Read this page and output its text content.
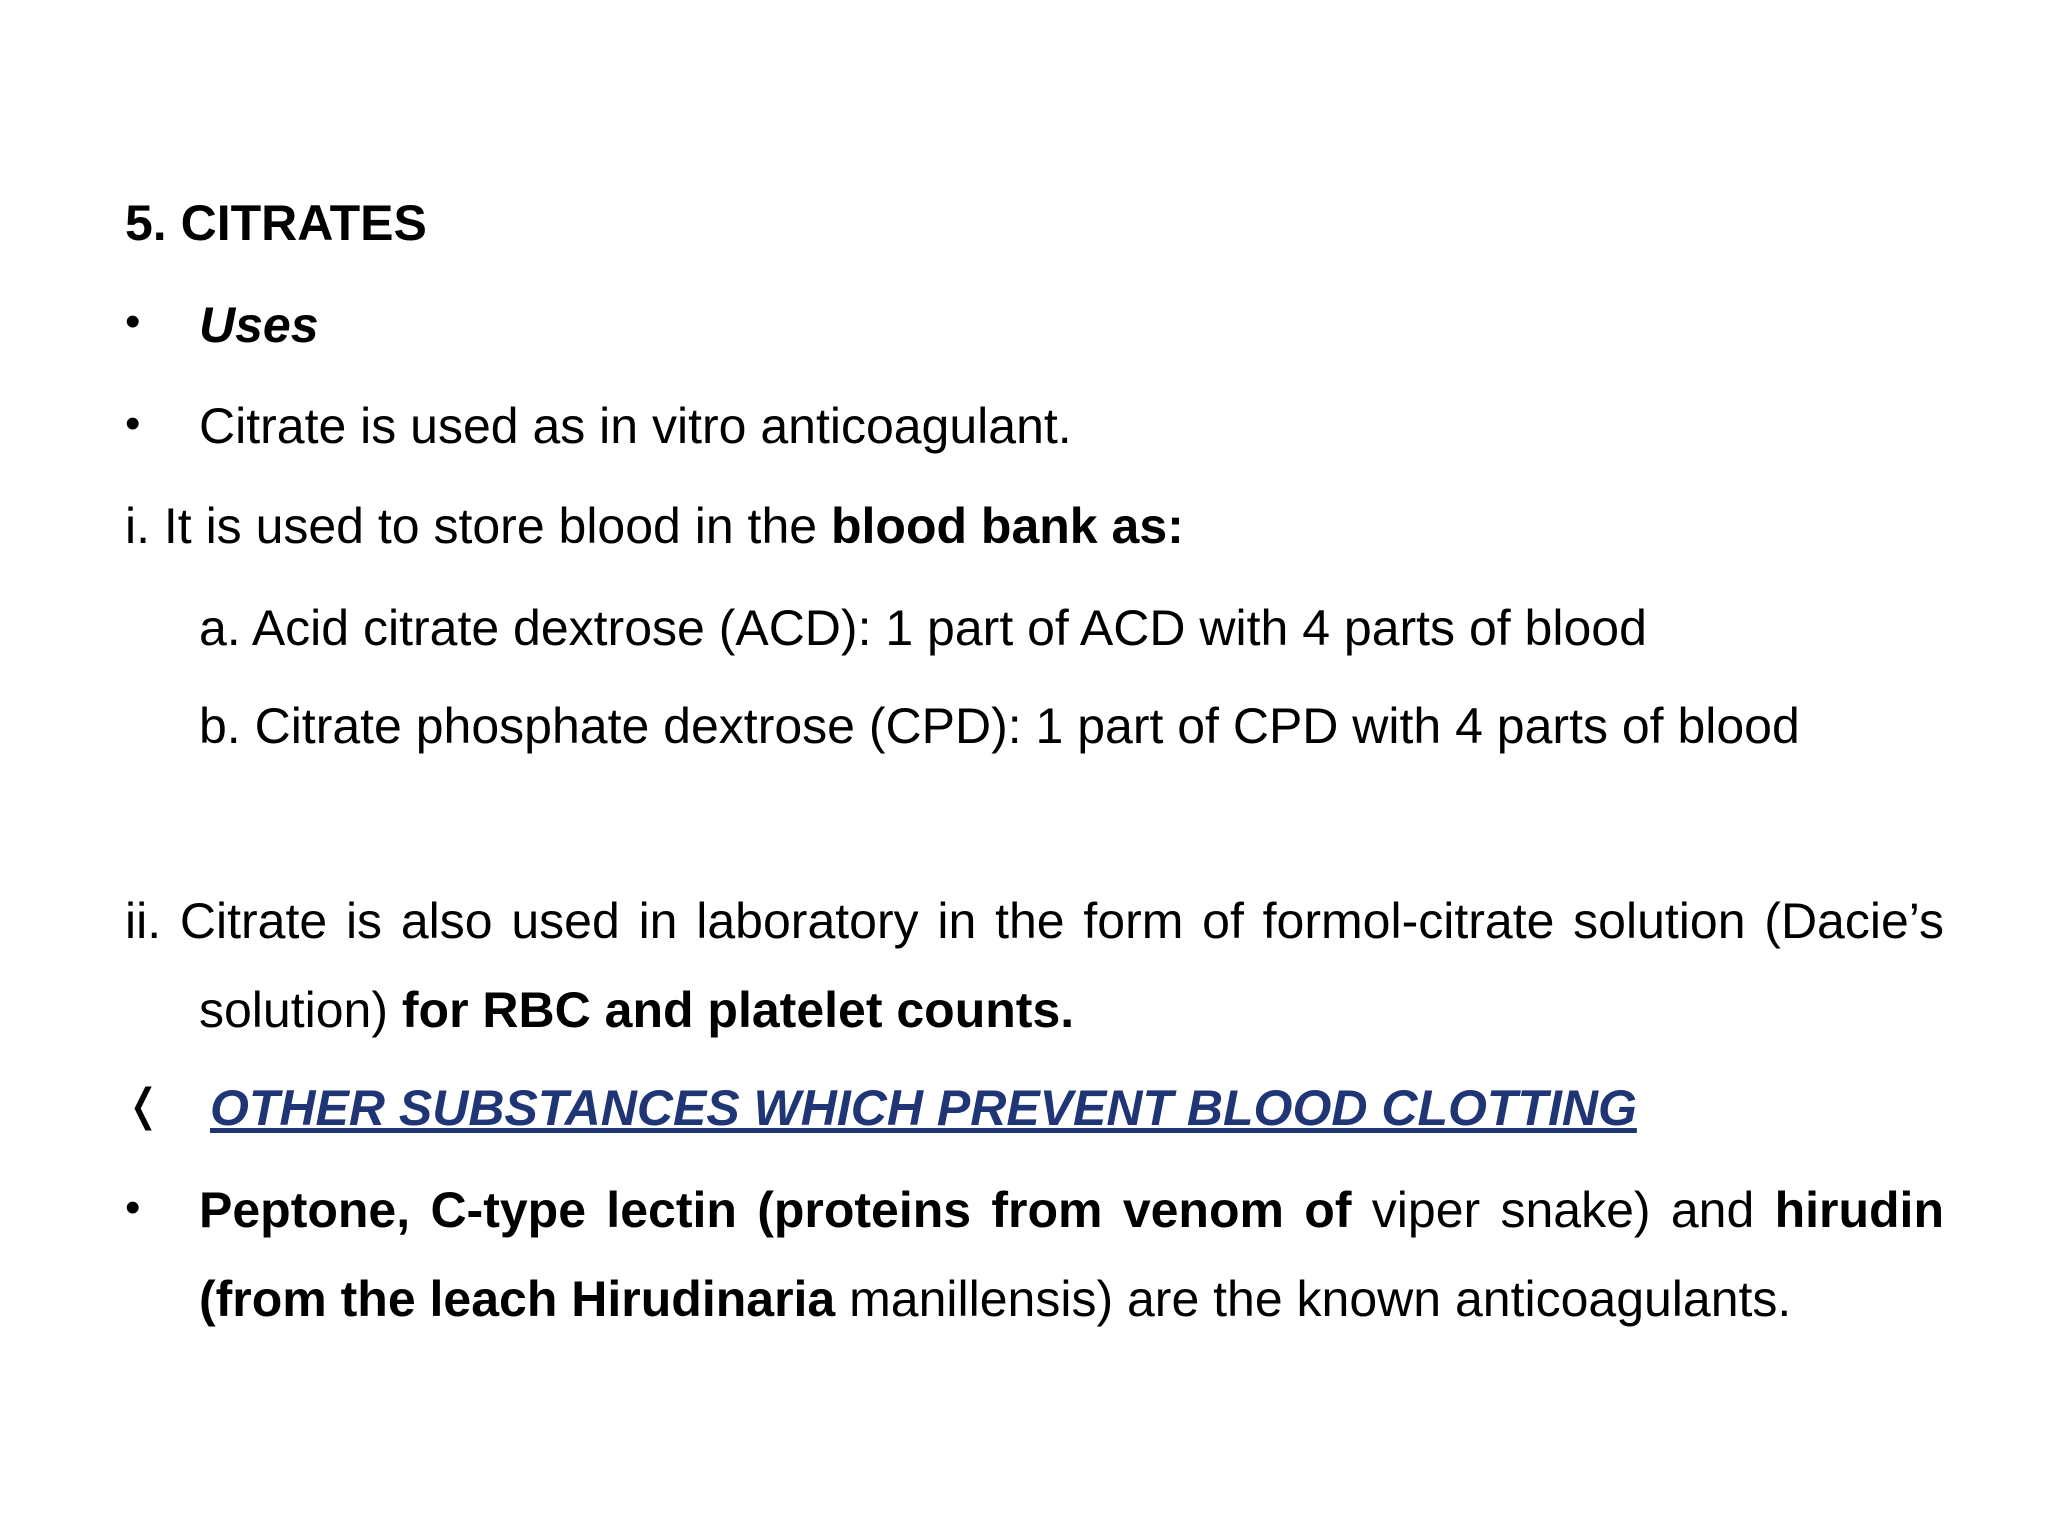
5. CITRATES
• Uses
• Citrate is used as in vitro anticoagulant.
i. It is used to store blood in the blood bank as:
a. Acid citrate dextrose (ACD): 1 part of ACD with 4 parts of blood
b. Citrate phosphate dextrose (CPD): 1 part of CPD with 4 parts of blood
ii. Citrate is also used in laboratory in the form of formol-citrate solution (Dacie’s solution) for RBC and platelet counts.
❬ OTHER SUBSTANCES WHICH PREVENT BLOOD CLOTTING
• Peptone, C-type lectin (proteins from venom of viper snake) and hirudin (from the leach Hirudinaria manillensis) are the known anticoagulants.
